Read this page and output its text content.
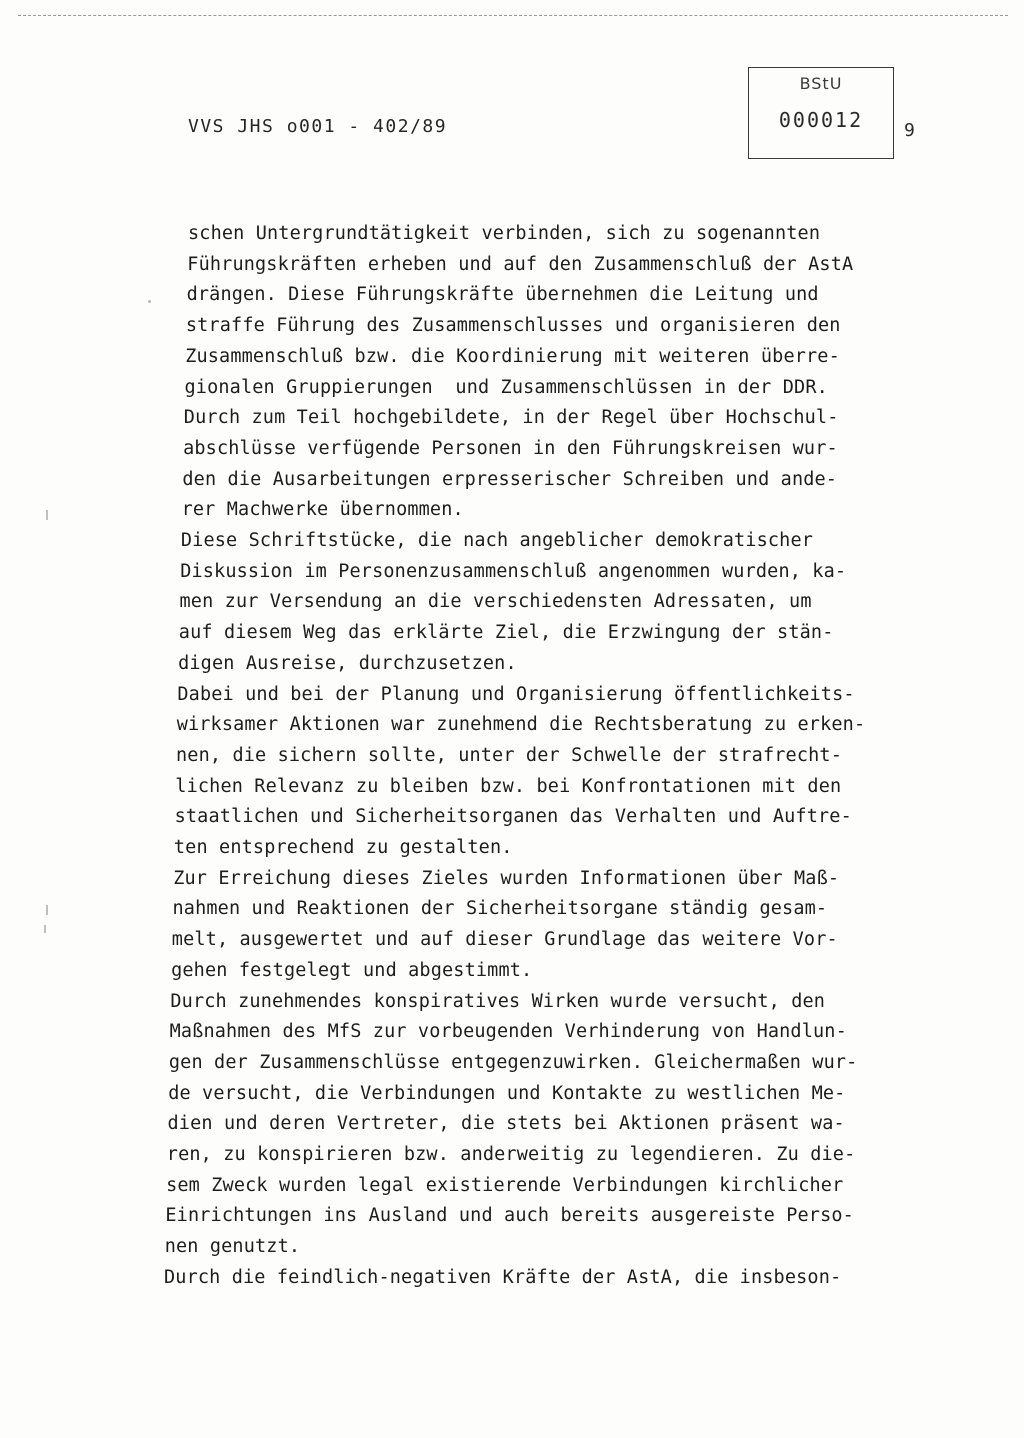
VVS JHS o001 - 402/89
BStU
000012	9
schen Untergrundtätigkeit verbinden, sich zu sogenannten
Führungskräften erheben und auf den Zusammenschluß der AstA
drängen. Diese Führungskräfte übernehmen die Leitung und
straffe Führung des Zusammenschlusses und organisieren den
Zusammenschluß bzw. die Koordinierung mit weiteren überre-
gionalen Gruppierungen  und Zusammenschlüssen in der DDR.
Durch zum Teil hochgebildete, in der Regel über Hochschul-
abschlüsse verfügende Personen in den Führungskreisen wur-
den die Ausarbeitungen erpresserischer Schreiben und ande-
rer Machwerke übernommen.
Diese Schriftstücke, die nach angeblicher demokratischer
Diskussion im Personenzusammenschluß angenommen wurden, ka-
men zur Versendung an die verschiedensten Adressaten, um
auf diesem Weg das erklärte Ziel, die Erzwingung der stän-
digen Ausreise, durchzusetzen.
Dabei und bei der Planung und Organisierung öffentlichkeits-
wirksamer Aktionen war zunehmend die Rechtsberatung zu erken-
nen, die sichern sollte, unter der Schwelle der strafrecht-
lichen Relevanz zu bleiben bzw. bei Konfrontationen mit den
staatlichen und Sicherheitsorganen das Verhalten und Auftre-
ten entsprechend zu gestalten.
Zur Erreichung dieses Zieles wurden Informationen über Maß-
nahmen und Reaktionen der Sicherheitsorgane ständig gesam-
melt, ausgewertet und auf dieser Grundlage das weitere Vor-
gehen festgelegt und abgestimmt.
Durch zunehmendes konspiratives Wirken wurde versucht, den
Maßnahmen des MfS zur vorbeugenden Verhinderung von Handlun-
gen der Zusammenschlüsse entgegenzuwirken. Gleichermaßen wur-
de versucht, die Verbindungen und Kontakte zu westlichen Me-
dien und deren Vertreter, die stets bei Aktionen präsent wa-
ren, zu konspirieren bzw. anderweitig zu legendieren. Zu die-
sem Zweck wurden legal existierende Verbindungen kirchlicher
Einrichtungen ins Ausland und auch bereits ausgereiste Perso-
nen genutzt.
Durch die feindlich-negativen Kräfte der AstA, die insbeson-
